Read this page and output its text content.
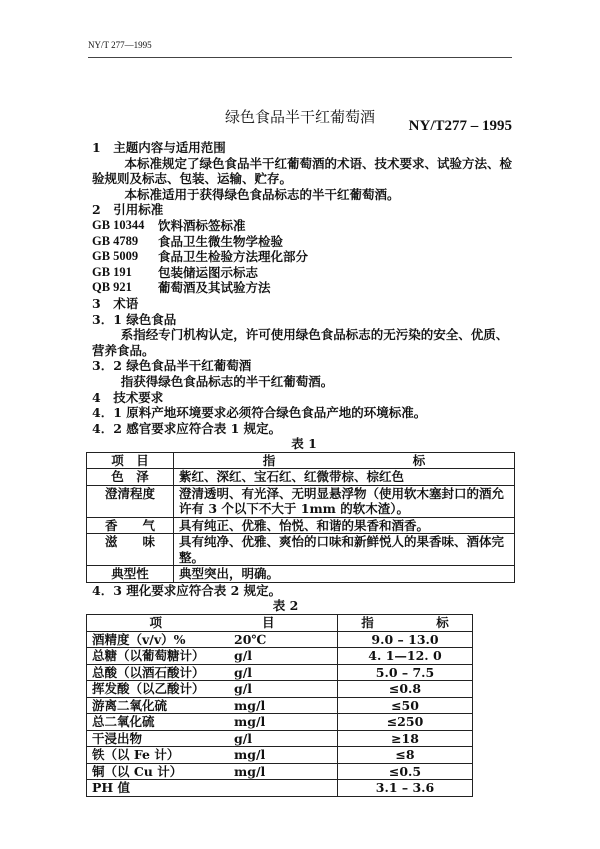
NY/T 277—1995
绿色食品半干红葡萄酒	NY/T277 – 1995

1　主题内容与适用范围

本标准规定了绿色食品半干红葡萄酒的术语、技术要求、试验方法、检验规则及标志、包装、运输、贮存。

本标准适用于获得绿色食品标志的半干红葡萄酒。

2　引用标准

GB 10344	饮料酒标签标准
GB 4789	食品卫生微生物学检验
GB 5009	食品卫生检验方法理化部分
GB 191	包装储运图示标志
QB 921	葡萄酒及其试验方法

3　术语

3．1 绿色食品

系指经专门机构认定，许可使用绿色食品标志的无污染的安全、优质、营养食品。

3．2 绿色食品半干红葡萄酒

指获得绿色食品标志的半干红葡萄酒。

4　技术要求

4．1 原料产地环境要求必须符合绿色食品产地的环境标准。

4．2 感官要求应符合表 1 规定。

表 1

项　目	指　　　　　　　　　　　标
色　泽	紫红、深红、宝石红、红微带棕、棕红色
澄清程度	澄清透明、有光泽、无明显悬浮物（使用软木塞封口的酒允许有 3 个以下不大于 1mm 的软木渣）。
香　　气	具有纯正、优雅、怡悦、和谐的果香和酒香。
滋　　味	具有纯净、优雅、爽怡的口味和新鲜悦人的果香味、酒体完整。
典型性	典型突出，明确。

4．3 理化要求应符合表 2 规定。

表 2

项　　　　　　　　目	指　　　　　标
酒精度（v/v）% 20℃	9.0 – 13.0
总糖（以葡萄糖计） g/l	4. 1—12. 0
总酸（以酒石酸计） g/l	5.0 – 7.5
挥发酸（以乙酸计） g/l	≤0.8
游离二氧化硫 mg/l	≤50
总二氧化硫 mg/l	≤250
干浸出物 g/l	≥18
铁（以 Fe 计） mg/l	≤8
铜（以 Cu 计） mg/l	≤0.5
PH 值	3.1 – 3.6
